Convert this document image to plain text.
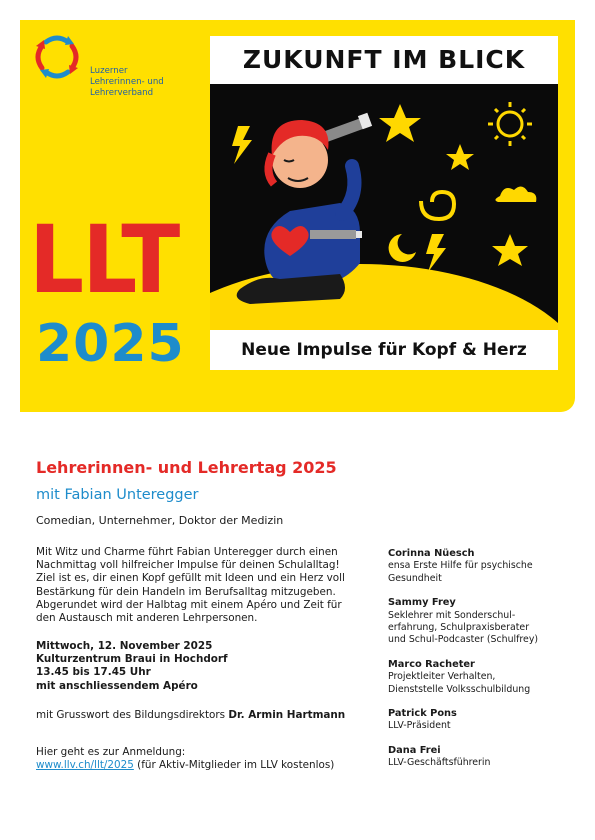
Luzerner
Lehrerinnen- und
Lehrerverband
LLT
2025
ZUKUNFT IM BLICK
Neue Impulse für Kopf & Herz
Lehrerinnen- und Lehrertag 2025
mit Fabian Unteregger
Comedian, Unternehmer, Doktor der Medizin

Mit Witz und Charme führt Fabian Unteregger durch einen

Nachmittag voll hilfreicher Impulse für deinen Schulalltag!

Ziel ist es, dir einen Kopf gefüllt mit Ideen und ein Herz voll

Bestärkung für dein Handeln im Berufsalltag mitzugeben.

Abgerundet wird der Halbtag mit einem Apéro und Zeit für

den Austausch mit anderen Lehrpersonen.

Mittwoch, 12. November 2025
Kulturzentrum Braui in Hochdorf
13.45 bis 17.45 Uhr
mit anschliessendem Apéro
mit Grusswort des Bildungsdirektors Dr. Armin Hartmann
Hier geht es zur Anmeldung:
www.llv.ch/llt/2025 (für Aktiv-Mitglieder im LLV kostenlos)
Corinna Nüesch
ensa Erste Hilfe für psychische
Gesundheit
Sammy Frey
Seklehrer mit Sonderschul-
erfahrung, Schulpraxisberater
und Schul-Podcaster (Schulfrey)
Marco Racheter
Projektleiter Verhalten,
Dienststelle Volksschulbildung
Patrick Pons
LLV-Präsident
Dana Frei
LLV-Geschäftsführerin
